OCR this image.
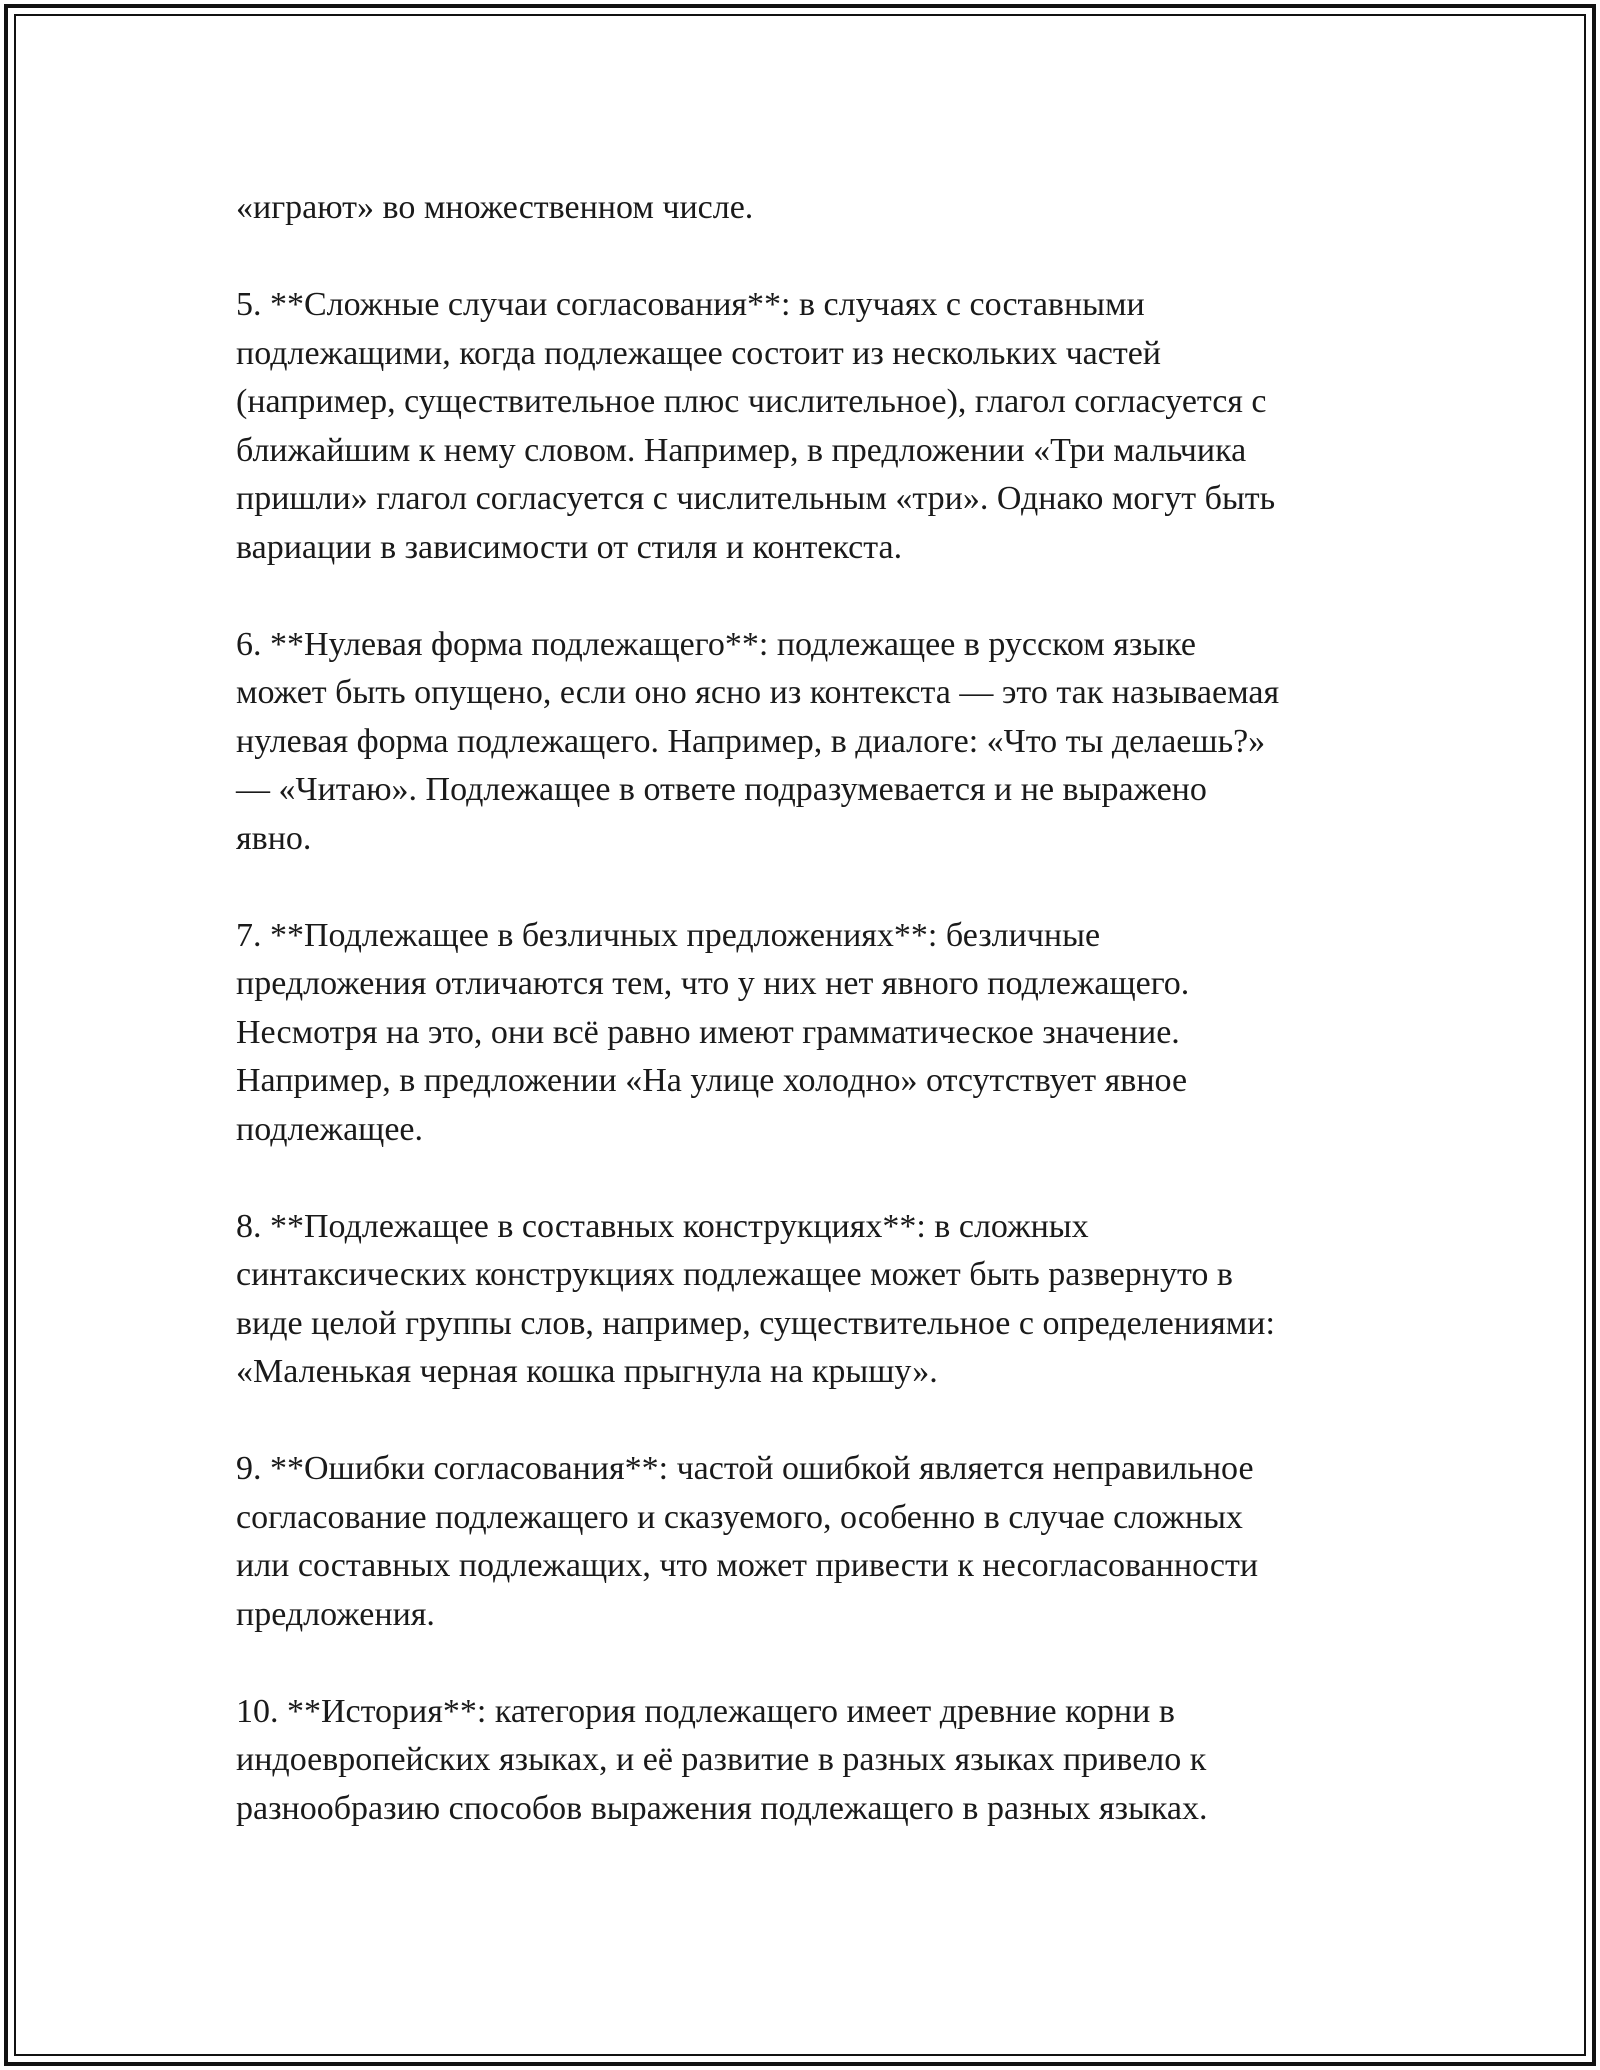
«играют» во множественном числе.

5. **Сложные случаи согласования**: в случаях с составными
подлежащими, когда подлежащее состоит из нескольких частей
(например, существительное плюс числительное), глагол согласуется с
ближайшим к нему словом. Например, в предложении «Три мальчика
пришли» глагол согласуется с числительным «три». Однако могут быть
вариации в зависимости от стиля и контекста.

6. **Нулевая форма подлежащего**: подлежащее в русском языке
может быть опущено, если оно ясно из контекста — это так называемая
нулевая форма подлежащего. Например, в диалоге: «Что ты делаешь?»
— «Читаю». Подлежащее в ответе подразумевается и не выражено
явно.

7. **Подлежащее в безличных предложениях**: безличные
предложения отличаются тем, что у них нет явного подлежащего.
Несмотря на это, они всё равно имеют грамматическое значение.
Например, в предложении «На улице холодно» отсутствует явное
подлежащее.

8. **Подлежащее в составных конструкциях**: в сложных
синтаксических конструкциях подлежащее может быть развернуто в
виде целой группы слов, например, существительное с определениями:
«Маленькая черная кошка прыгнула на крышу».

9. **Ошибки согласования**: частой ошибкой является неправильное
согласование подлежащего и сказуемого, особенно в случае сложных
или составных подлежащих, что может привести к несогласованности
предложения.

10. **История**: категория подлежащего имеет древние корни в
индоевропейских языках, и её развитие в разных языках привело к
разнообразию способов выражения подлежащего в разных языках.
